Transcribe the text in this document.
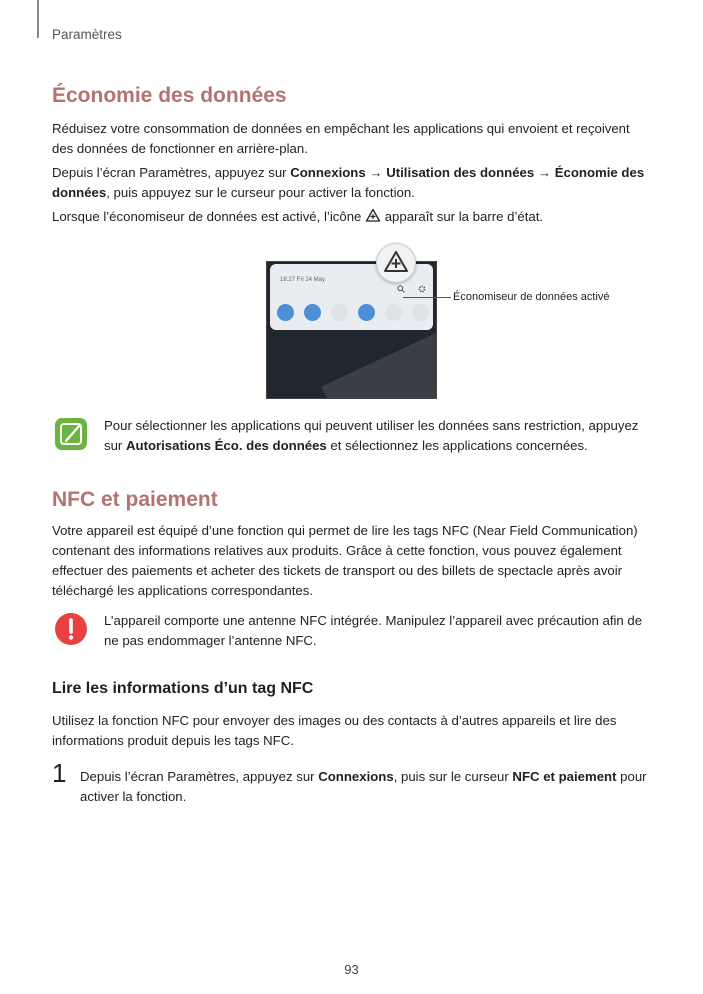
Paramètres
Économie des données
Réduisez votre consommation de données en empêchant les applications qui envoient et reçoivent des données de fonctionner en arrière-plan.
Depuis l’écran Paramètres, appuyez sur Connexions → Utilisation des données → Économie des données, puis appuyez sur le curseur pour activer la fonction.
Lorsque l’économiseur de données est activé, l’icône  apparaît sur la barre d’état.
18:27 Fri 24 May
Économiseur de données activé
Pour sélectionner les applications qui peuvent utiliser les données sans restriction, appuyez sur Autorisations Éco. des données et sélectionnez les applications concernées.
NFC et paiement
Votre appareil est équipé d’une fonction qui permet de lire les tags NFC (Near Field Communication) contenant des informations relatives aux produits. Grâce à cette fonction, vous pouvez également effectuer des paiements et acheter des tickets de transport ou des billets de spectacle après avoir téléchargé les applications correspondantes.
L’appareil comporte une antenne NFC intégrée. Manipulez l’appareil avec précaution afin de ne pas endommager l’antenne NFC.
Lire les informations d’un tag NFC
Utilisez la fonction NFC pour envoyer des images ou des contacts à d’autres appareils et lire des informations produit depuis les tags NFC.
1 Depuis l’écran Paramètres, appuyez sur Connexions, puis sur le curseur NFC et paiement pour activer la fonction.
93
